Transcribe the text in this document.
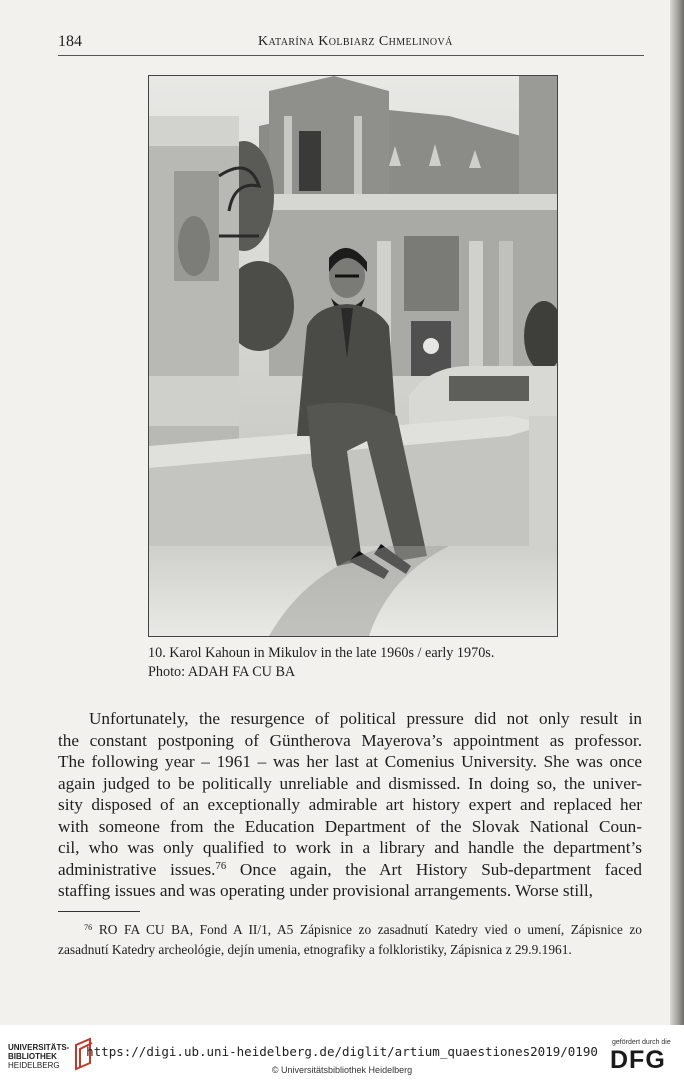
184	Katarína Kolbiarz Chmelinová
10. Karol Kahoun in Mikulov in the late 1960s / early 1970s.
Photo: ADAH FA CU BA
Unfortunately, the resurgence of political pressure did not only result in
the constant postponing of Güntherova Mayerova’s appointment as professor.
The following year – 1961 – was her last at Comenius University. She was once
again judged to be politically unreliable and dismissed. In doing so, the univer-
sity disposed of an exceptionally admirable art history expert and replaced her
with someone from the Education Department of the Slovak National Coun-
cil, who was only qualified to work in a library and handle the department’s
administrative issues.$^{76}$ Once again, the Art History Sub-department faced
staffing issues and was operating under provisional arrangements. Worse still,
$^{76}$ RO FA CU BA, Fond A II/1, A5 Zápisnice zo zasadnutí Katedry vied o umení, Zápisnice zo
zasadnutí Katedry archeológie, dejín umenia, etnografiky a folkloristiky, Zápisnica z 29.9.1961.
UNIVERSITÄTS-
BIBLIOTHEK
HEIDELBERG
https://digi.ub.uni-heidelberg.de/diglit/artium_quaestiones2019/0190
© Universitätsbibliothek Heidelberg
gefördert durch die
DFG
